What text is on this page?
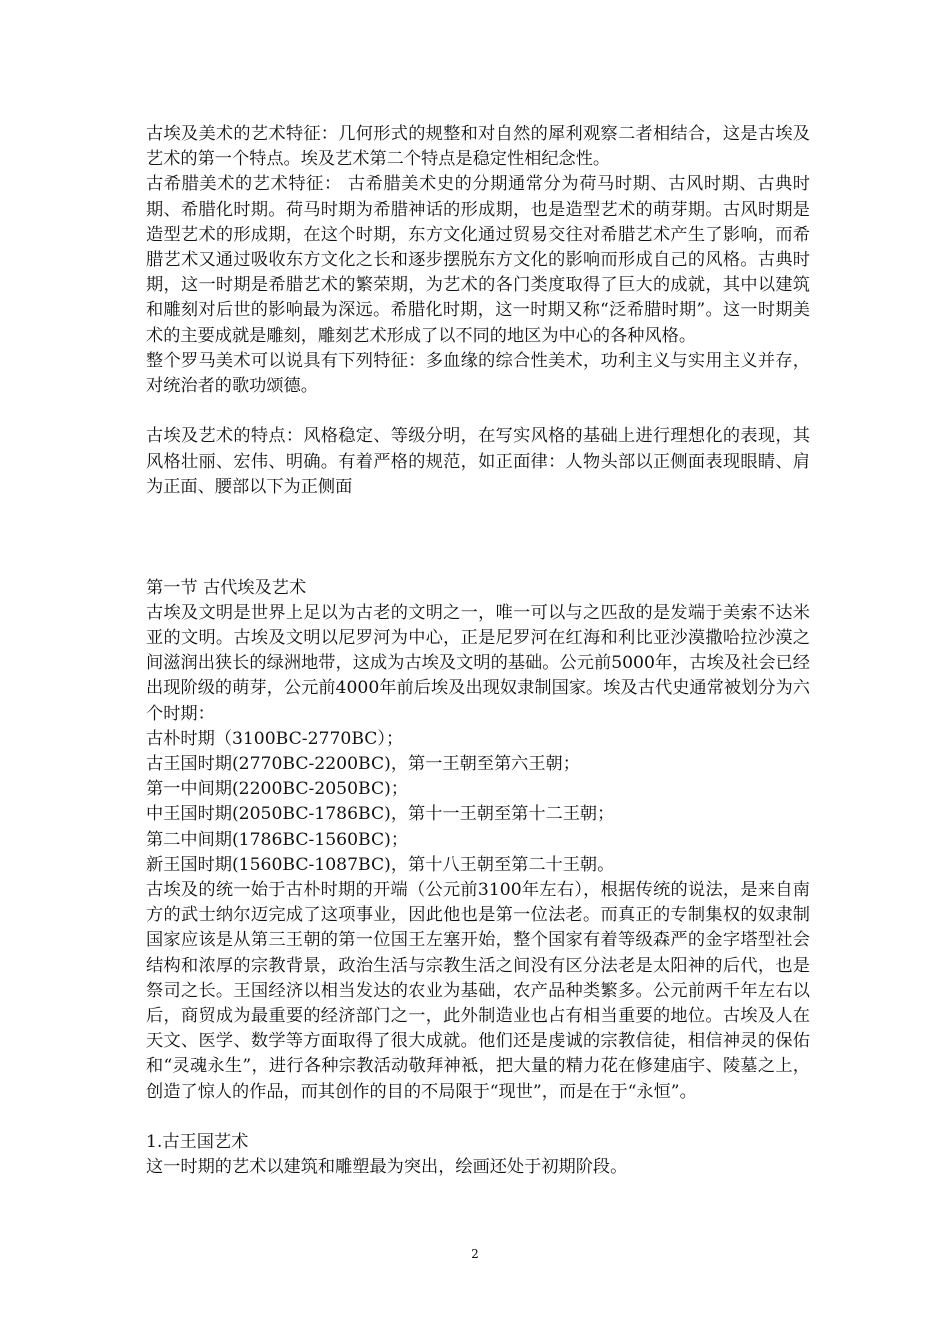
古埃及美术的艺术特征：几何形式的规整和对自然的犀利观察二者相结合，这是古埃及艺术的第一个特点。埃及艺术第二个特点是稳定性相纪念性。

古希腊美术的艺术特征： 古希腊美术史的分期通常分为荷马时期、古风时期、古典时期、希腊化时期。荷马时期为希腊神话的形成期，也是造型艺术的萌芽期。古风时期是造型艺术的形成期，在这个时期，东方文化通过贸易交往对希腊艺术产生了影响，而希腊艺术又通过吸收东方文化之长和逐步摆脱东方文化的影响而形成自己的风格。古典时期，这一时期是希腊艺术的繁荣期，为艺术的各门类度取得了巨大的成就，其中以建筑和雕刻对后世的影响最为深远。希腊化时期，这一时期又称“泛希腊时期”。这一时期美术的主要成就是雕刻，雕刻艺术形成了以不同的地区为中心的各种风格。

整个罗马美术可以说具有下列特征：多血缘的综合性美术，功利主义与实用主义并存，对统治者的歌功颂德。

古埃及艺术的特点：风格稳定、等级分明，在写实风格的基础上进行理想化的表现，其风格壮丽、宏伟、明确。有着严格的规范，如正面律：人物头部以正侧面表现眼睛、肩为正面、腰部以下为正侧面

第一节 古代埃及艺术

古埃及文明是世界上足以为古老的文明之一，唯一可以与之匹敌的是发端于美索不达米亚的文明。古埃及文明以尼罗河为中心，正是尼罗河在红海和利比亚沙漠撒哈拉沙漠之间滋润出狭长的绿洲地带，这成为古埃及文明的基础。公元前5000年，古埃及社会已经出现阶级的萌芽，公元前4000年前后埃及出现奴隶制国家。埃及古代史通常被划分为六个时期：

古朴时期（3100BC-2770BC）；

古王国时期(2770BC-2200BC)，第一王朝至第六王朝；

第一中间期(2200BC-2050BC)；

中王国时期(2050BC-1786BC)，第十一王朝至第十二王朝；

第二中间期(1786BC-1560BC)；

新王国时期(1560BC-1087BC)，第十八王朝至第二十王朝。

古埃及的统一始于古朴时期的开端（公元前3100年左右），根据传统的说法，是来自南方的武士纳尔迈完成了这项事业，因此他也是第一位法老。而真正的专制集权的奴隶制国家应该是从第三王朝的第一位国王左塞开始，整个国家有着等级森严的金字塔型社会结构和浓厚的宗教背景，政治生活与宗教生活之间没有区分法老是太阳神的后代，也是祭司之长。王国经济以相当发达的农业为基础，农产品种类繁多。公元前两千年左右以后，商贸成为最重要的经济部门之一，此外制造业也占有相当重要的地位。古埃及人在天文、医学、数学等方面取得了很大成就。他们还是虔诚的宗教信徒，相信神灵的保佑和“灵魂永生”，进行各种宗教活动敬拜神袛，把大量的精力花在修建庙宇、陵墓之上，创造了惊人的作品，而其创作的目的不局限于“现世”，而是在于“永恒”。

1.古王国艺术

这一时期的艺术以建筑和雕塑最为突出，绘画还处于初期阶段。

2
